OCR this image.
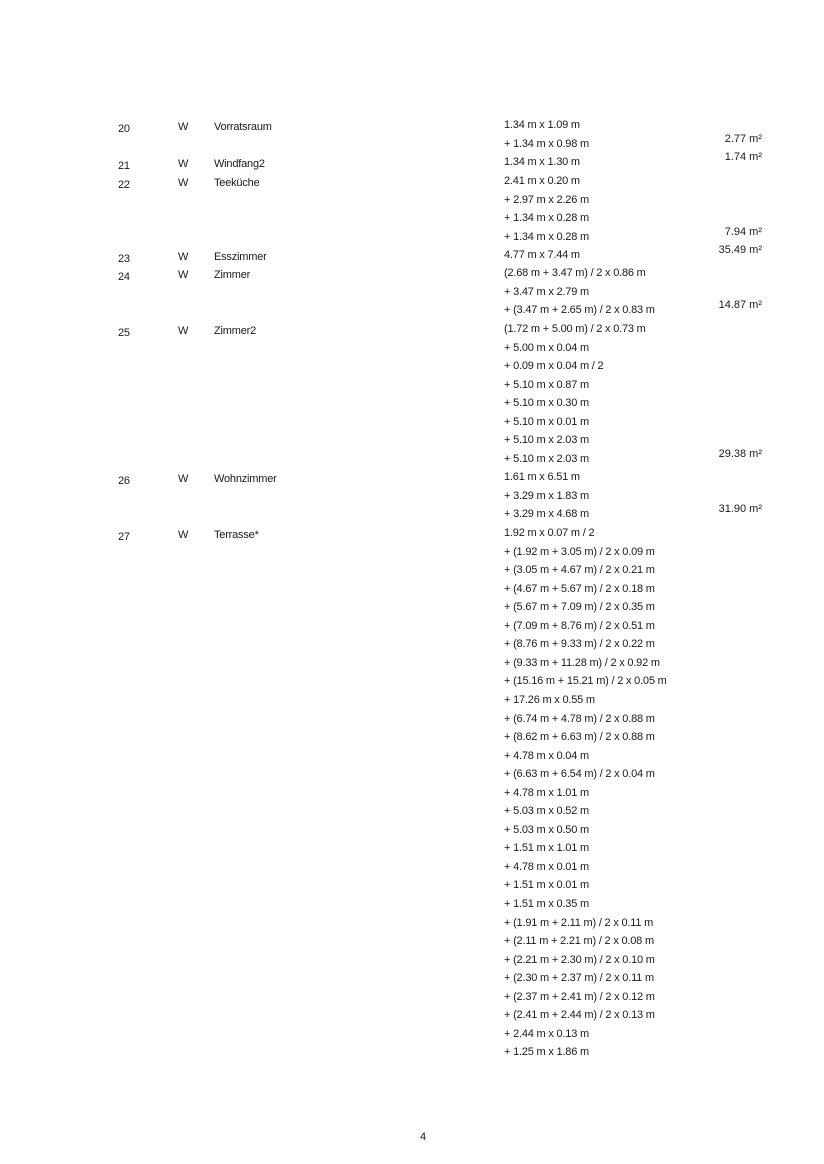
20	W Vorratsraum	1.34 m x 1.09 m
+ 1.34 m x 0.98 m	2.77 m²
21	W Windfang2	1.34 m x 1.30 m	1.74 m²
22	W Teeküche	2.41 m x 0.20 m
+ 2.97 m x 2.26 m
+ 1.34 m x 0.28 m
+ 1.34 m x 0.28 m	7.94 m²
23	W Esszimmer	4.77 m x 7.44 m	35.49 m²
24	W Zimmer	(2.68 m + 3.47 m) / 2 x 0.86 m
+ 3.47 m x 2.79 m
+ (3.47 m + 2.65 m) / 2 x 0.83 m	14.87 m²
25	W Zimmer2	(1.72 m + 5.00 m) / 2 x 0.73 m
+ 5.00 m x 0.04 m
+ 0.09 m x 0.04 m / 2
+ 5.10 m x 0.87 m
+ 5.10 m x 0.30 m
+ 5.10 m x 0.01 m
+ 5.10 m x 2.03 m
+ 5.10 m x 2.03 m	29.38 m²
26	W Wohnzimmer	1.61 m x 6.51 m
+ 3.29 m x 1.83 m
+ 3.29 m x 4.68 m	31.90 m²
27	W Terrasse*	1.92 m x 0.07 m / 2
+ (1.92 m + 3.05 m) / 2 x 0.09 m
+ (3.05 m + 4.67 m) / 2 x 0.21 m
+ (4.67 m + 5.67 m) / 2 x 0.18 m
+ (5.67 m + 7.09 m) / 2 x 0.35 m
+ (7.09 m + 8.76 m) / 2 x 0.51 m
+ (8.76 m + 9.33 m) / 2 x 0.22 m
+ (9.33 m + 11.28 m) / 2 x 0.92 m
+ (15.16 m + 15.21 m) / 2 x 0.05 m
+ 17.26 m x 0.55 m
+ (6.74 m + 4.78 m) / 2 x 0.88 m
+ (8.62 m + 6.63 m) / 2 x 0.88 m
+ 4.78 m x 0.04 m
+ (6.63 m + 6.54 m) / 2 x 0.04 m
+ 4.78 m x 1.01 m
+ 5.03 m x 0.52 m
+ 5.03 m x 0.50 m
+ 1.51 m x 1.01 m
+ 4.78 m x 0.01 m
+ 1.51 m x 0.01 m
+ 1.51 m x 0.35 m
+ (1.91 m + 2.11 m) / 2 x 0.11 m
+ (2.11 m + 2.21 m) / 2 x 0.08 m
+ (2.21 m + 2.30 m) / 2 x 0.10 m
+ (2.30 m + 2.37 m) / 2 x 0.11 m
+ (2.37 m + 2.41 m) / 2 x 0.12 m
+ (2.41 m + 2.44 m) / 2 x 0.13 m
+ 2.44 m x 0.13 m
+ 1.25 m x 1.86 m
4
